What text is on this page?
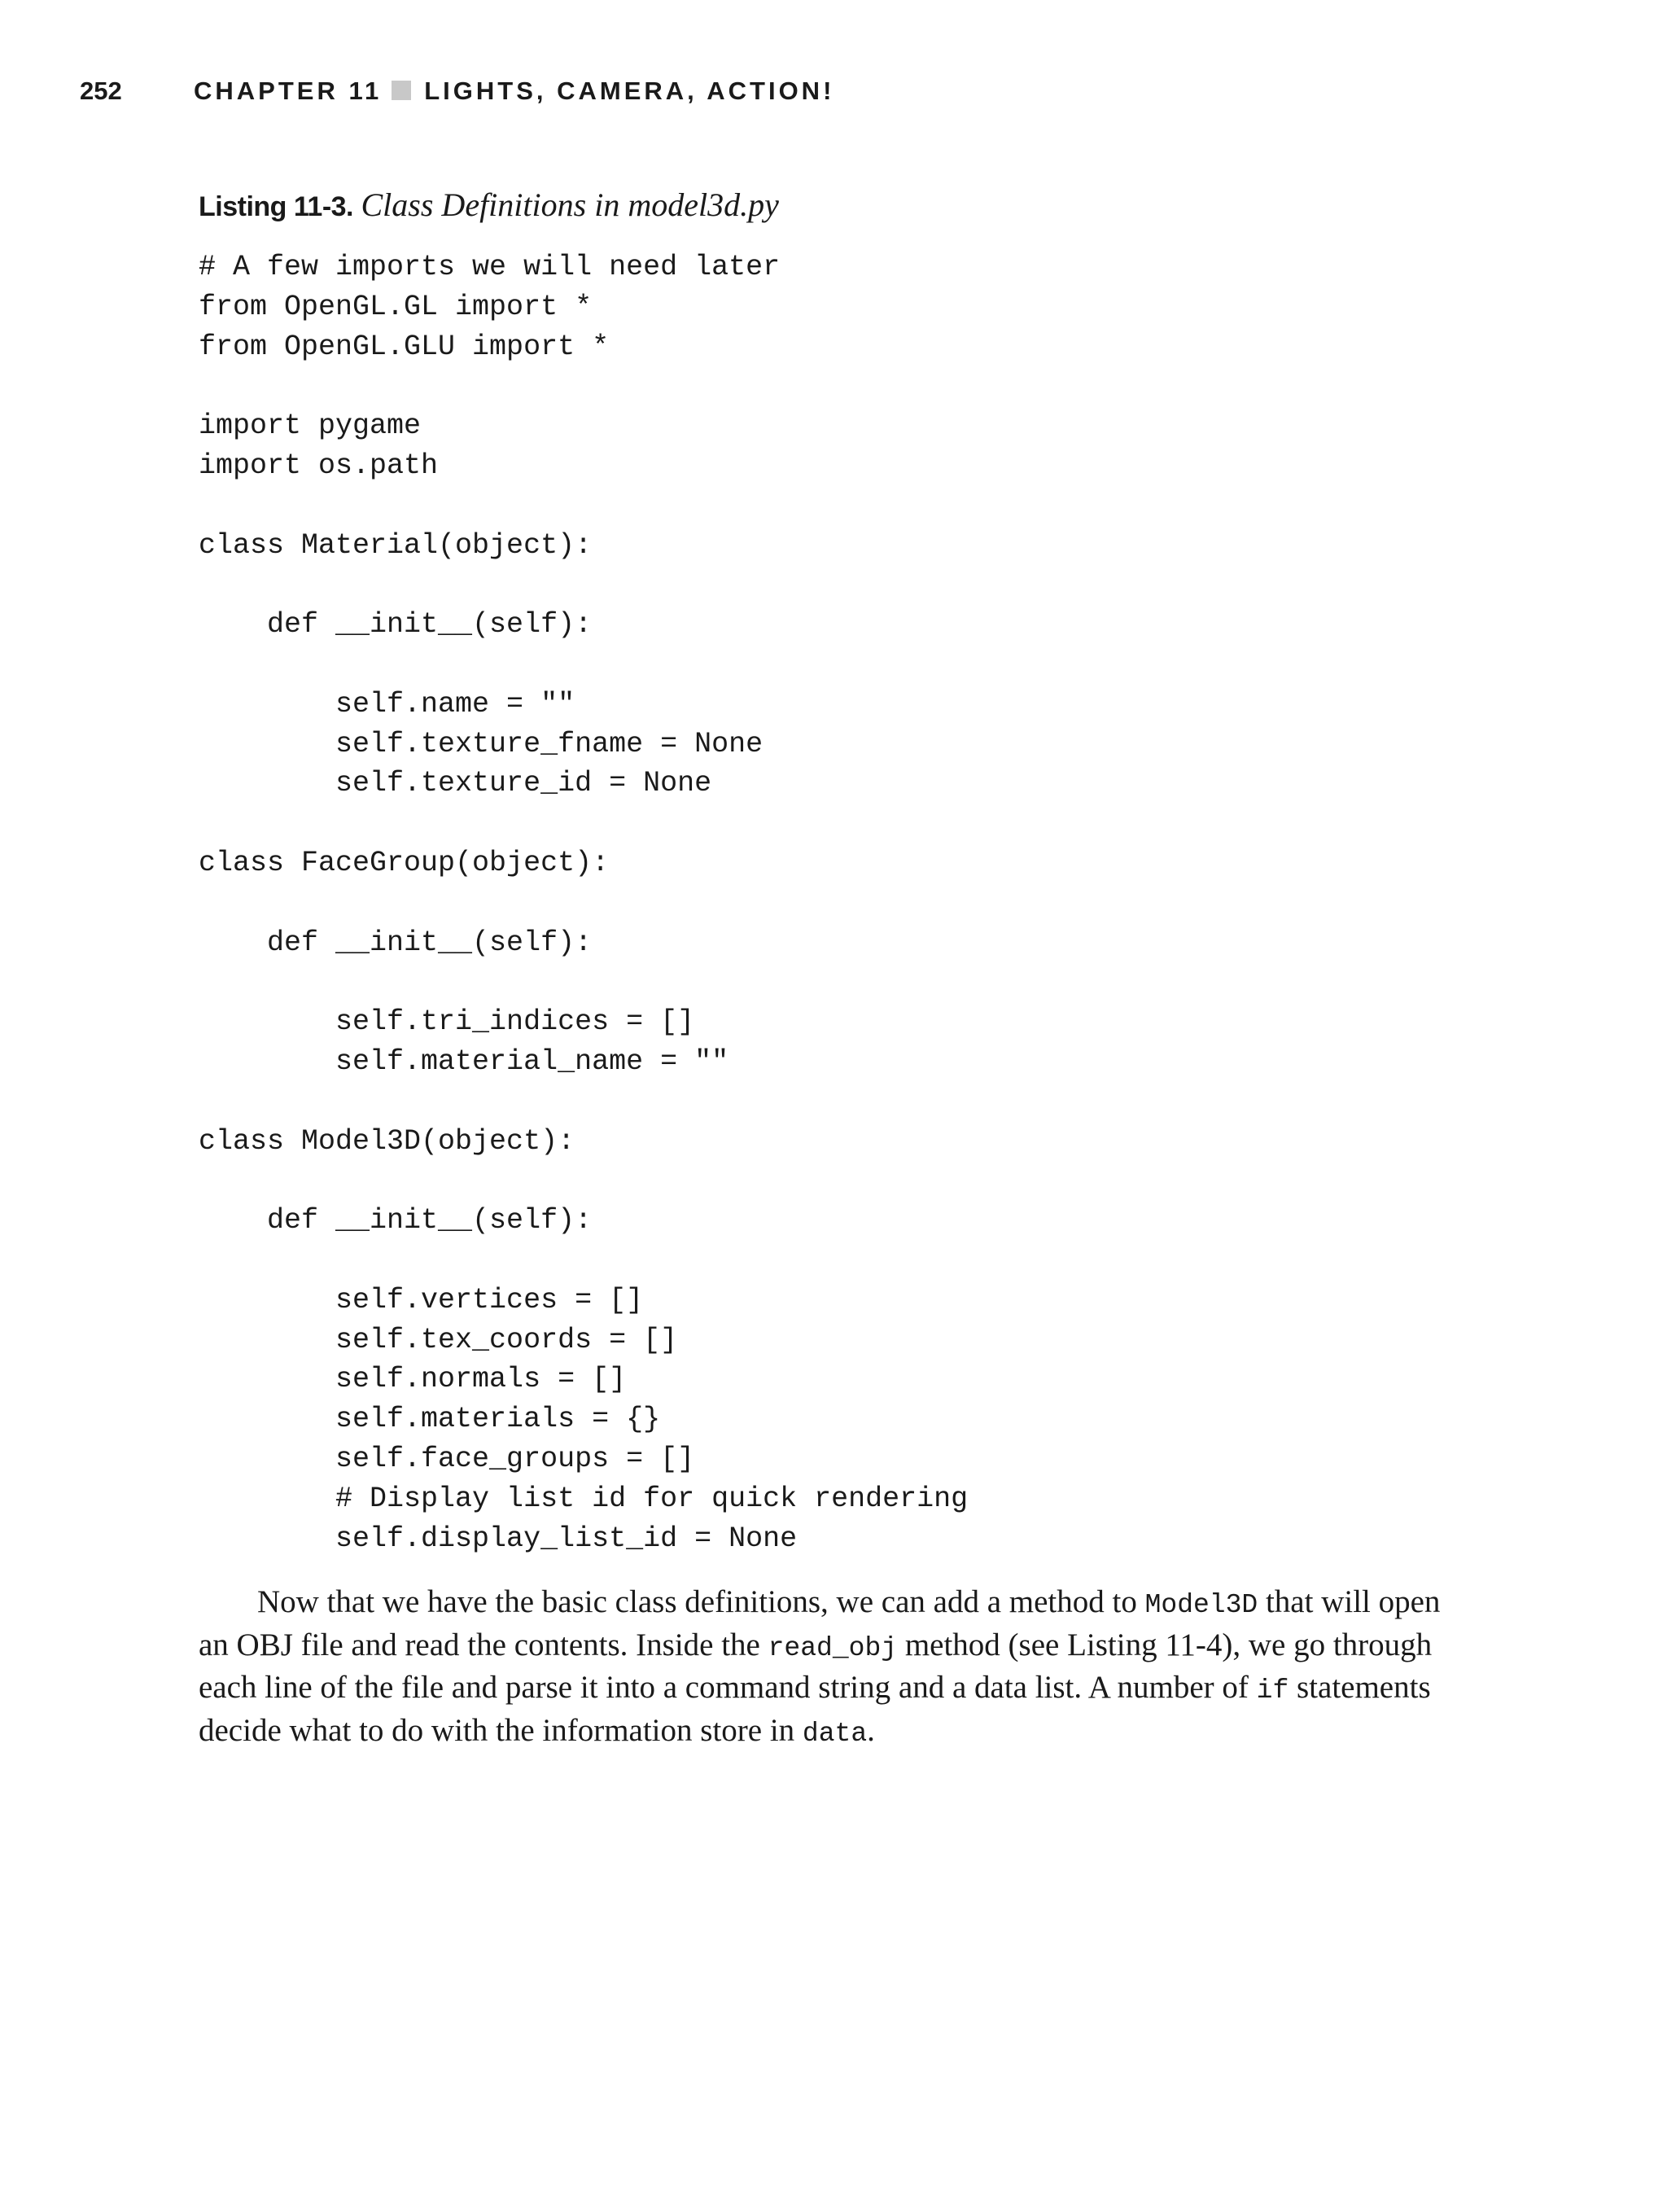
252	CHAPTER 11 LIGHTS, CAMERA, ACTION!
Listing 11-3. Class Definitions in model3d.py
# A few imports we will need later
from OpenGL.GL import *
from OpenGL.GLU import *
import pygame
import os.path
class Material(object):
def __init__(self):
self.name = ""
self.texture_fname = None
self.texture_id = None
class FaceGroup(object):
def __init__(self):
self.tri_indices = []
self.material_name = ""
class Model3D(object):
def __init__(self):
self.vertices = []
self.tex_coords = []
self.normals = []
self.materials = {}
self.face_groups = []
# Display list id for quick rendering
self.display_list_id = None
Now that we have the basic class definitions, we can add a method to Model3D that will open an OBJ file and read the contents. Inside the read_obj method (see Listing 11-4), we go through each line of the file and parse it into a command string and a data list. A number of if statements decide what to do with the information store in data.
